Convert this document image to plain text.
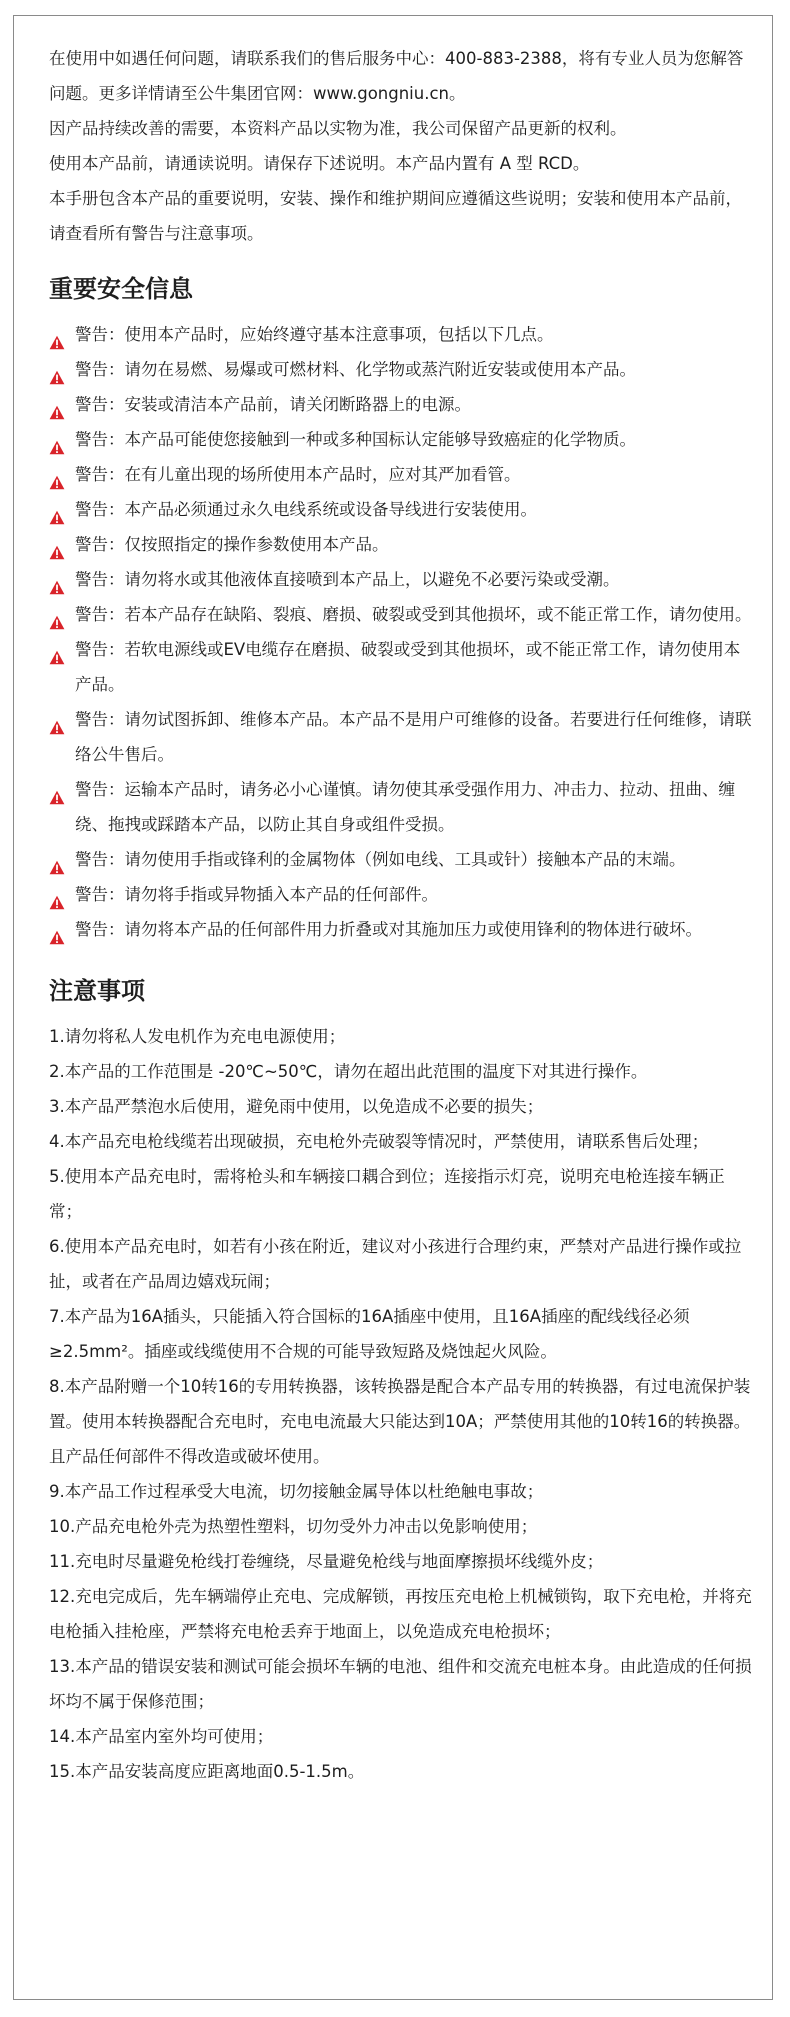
在使用中如遇任何问题，请联系我们的售后服务中心：400-883-2388，将有专业人员为您解答问题。更多详情请至公牛集团官网：www.gongniu.cn。

因产品持续改善的需要，本资料产品以实物为准，我公司保留产品更新的权利。

使用本产品前，请通读说明。请保存下述说明。本产品内置有 A 型 RCD。

本手册包含本产品的重要说明，安装、操作和维护期间应遵循这些说明；安装和使用本产品前，请查看所有警告与注意事项。

重要安全信息
警告：使用本产品时，应始终遵守基本注意事项，包括以下几点。
警告：请勿在易燃、易爆或可燃材料、化学物或蒸汽附近安装或使用本产品。
警告：安装或清洁本产品前，请关闭断路器上的电源。
警告：本产品可能使您接触到一种或多种国标认定能够导致癌症的化学物质。
警告：在有儿童出现的场所使用本产品时，应对其严加看管。
警告：本产品必须通过永久电线系统或设备导线进行安装使用。
警告：仅按照指定的操作参数使用本产品。
警告：请勿将水或其他液体直接喷到本产品上，以避免不必要污染或受潮。
警告：若本产品存在缺陷、裂痕、磨损、破裂或受到其他损坏，或不能正常工作，请勿使用。
警告：若软电源线或EV电缆存在磨损、破裂或受到其他损坏，或不能正常工作，请勿使用本产品。
警告：请勿试图拆卸、维修本产品。本产品不是用户可维修的设备。若要进行任何维修，请联络公牛售后。
警告：运输本产品时，请务必小心谨慎。请勿使其承受强作用力、冲击力、拉动、扭曲、缠绕、拖拽或踩踏本产品，以防止其自身或组件受损。
警告：请勿使用手指或锋利的金属物体（例如电线、工具或针）接触本产品的末端。
警告：请勿将手指或异物插入本产品的任何部件。
警告：请勿将本产品的任何部件用力折叠或对其施加压力或使用锋利的物体进行破坏。
注意事项
1.请勿将私人发电机作为充电电源使用；
2.本产品的工作范围是 -20℃~50℃，请勿在超出此范围的温度下对其进行操作。
3.本产品严禁泡水后使用，避免雨中使用，以免造成不必要的损失；
4.本产品充电枪线缆若出现破损，充电枪外壳破裂等情况时，严禁使用，请联系售后处理；
5.使用本产品充电时，需将枪头和车辆接口耦合到位；连接指示灯亮，说明充电枪连接车辆正常；
6.使用本产品充电时，如若有小孩在附近，建议对小孩进行合理约束，严禁对产品进行操作或拉扯，或者在产品周边嬉戏玩闹；
7.本产品为16A插头，只能插入符合国标的16A插座中使用，且16A插座的配线线径必须≥2.5mm²。插座或线缆使用不合规的可能导致短路及烧蚀起火风险。
8.本产品附赠一个10转16的专用转换器，该转换器是配合本产品专用的转换器，有过电流保护装置。使用本转换器配合充电时，充电电流最大只能达到10A；严禁使用其他的10转16的转换器。且产品任何部件不得改造或破坏使用。
9.本产品工作过程承受大电流，切勿接触金属导体以杜绝触电事故；
10.产品充电枪外壳为热塑性塑料，切勿受外力冲击以免影响使用；
11.充电时尽量避免枪线打卷缠绕，尽量避免枪线与地面摩擦损坏线缆外皮；
12.充电完成后，先车辆端停止充电、完成解锁，再按压充电枪上机械锁钩，取下充电枪，并将充电枪插入挂枪座，严禁将充电枪丢弃于地面上，以免造成充电枪损坏；
13.本产品的错误安装和测试可能会损坏车辆的电池、组件和交流充电桩本身。由此造成的任何损坏均不属于保修范围；
14.本产品室内室外均可使用；
15.本产品安装高度应距离地面0.5-1.5m。
